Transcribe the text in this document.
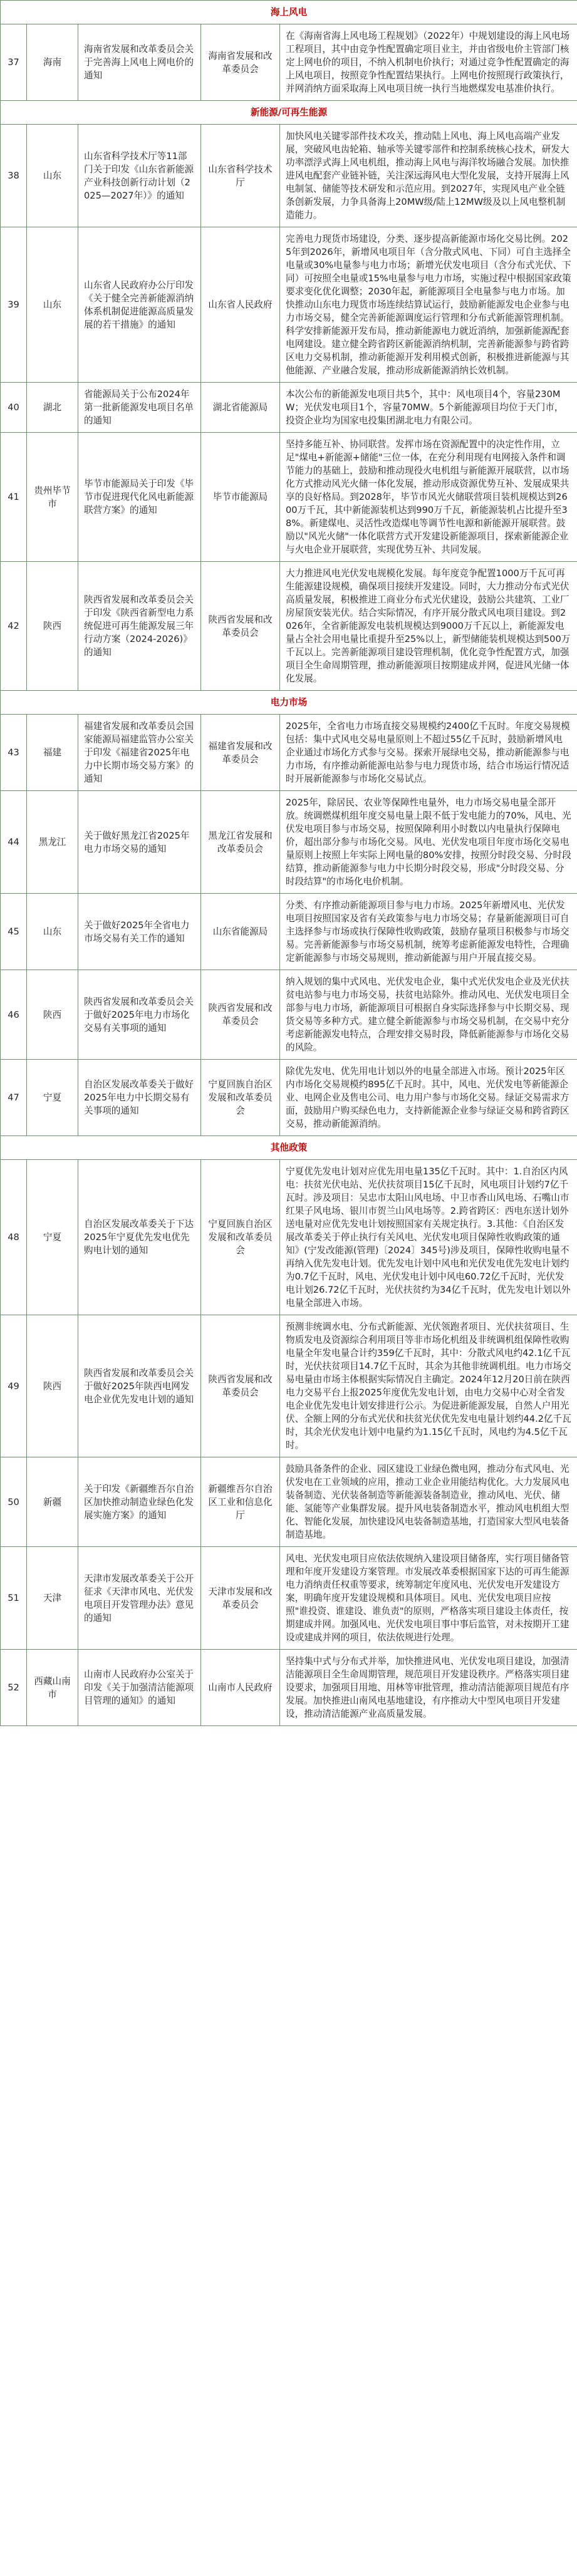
海上风电				
37	海南	海南省发展和改革委员会关于完善海上风电上网电价的通知	海南省发展和改革委员会	在《海南省海上风电场工程规划》（2022年）中规划建设的海上风电场工程项目，其中由竞争性配置确定项目业主，并由省级电价主管部门核定上网电价的项目，不纳入机制电价执行；对通过竞争性配置确定的海上风电项目，按照竞争性配置结果执行。上网电价按照现行政策执行，并网消纳方面采取海上风电项目统一执行当地燃煤发电基准价执行。
新能源/可再生能源				
38	山东	山东省科学技术厅等11部门关于印发《山东省新能源产业科技创新行动计划（2025—2027年）》的通知	山东省科学技术厅	加快风电关键零部件技术攻关，推动陆上风电、海上风电高端产业发展，突破风电齿轮箱、轴承等关键零部件和控制系统核心技术，研发大功率漂浮式海上风电机组，推动海上风电与海洋牧场融合发展。加快推进风电配套产业链补链，关注深远海风电大型化发展，支持开展海上风电制氢、储能等技术研发和示范应用。到2027年，实现风电产业全链条创新发展，力争具备海上20MW级/陆上12MW级及以上风电整机制造能力。
39	山东	山东省人民政府办公厅印发《关于健全完善新能源消纳体系机制促进能源高质量发展的若干措施》的通知	山东省人民政府	完善电力现货市场建设，分类、逐步提高新能源市场化交易比例。2025年到2026年，新增风电项目年（含分散式风电、下同）可自主选择全电量或30%电量参与电力市场；新增光伏发电项目（含分布式光伏、下同）可按照全电量或15%电量参与电力市场，实施过程中根据国家政策要求变化优化调整；2030年起，新能源项目全电量参与电力市场。加快推动山东电力现货市场连续结算试运行，鼓励新能源发电企业参与电力市场交易，健全完善新能源调度运行管理和分布式新能源管理机制。科学安排新能源开发布局，推动新能源电力就近消纳，加强新能源配套电网建设。建立健全跨省跨区新能源消纳机制，完善新能源参与跨省跨区电力交易机制，推动新能源开发利用模式创新，积极推进新能源与其他能源、产业融合发展，推动形成新能源消纳长效机制。
40	湖北	省能源局关于公布2024年第一批新能源发电项目名单的通知	湖北省能源局	本次公布的新能源发电项目共5个，其中：风电项目4个，容量230MW；光伏发电项目1个，容量70MW。5个新能源项目均位于天门市，投资企业均为国家电投集团湖北电力有限公司。
41	贵州毕节市	毕节市能源局关于印发《毕节市促进现代化风电新能源联营方案》的通知	毕节市能源局	坚持多能互补、协同联营。发挥市场在资源配置中的决定性作用，立足"煤电+新能源+储能"三位一体，在充分利用现有电网接入条件和调节能力的基础上，鼓励和推动现役火电机组与新能源开展联营，以市场化方式推动风光火储一体化发展，推动形成资源优势互补、发展成果共享的良好格局。到2028年，毕节市风光火储联营项目装机规模达到2600万千瓦，其中新能源装机达到990万千瓦，新能源装机占比提升至38%。新建煤电、灵活性改造煤电等调节性电源和新能源开展联营。鼓励以"风光火储"一体化联营方式开发建设新能源项目，探索新能源企业与火电企业开展联营，实现优势互补、共同发展。
42	陕西	陕西省发展和改革委员会关于印发《陕西省新型电力系统促进可再生能源发展三年行动方案（2024-2026)》的通知	陕西省发展和改革委员会	大力推进风电光伏发电规模化发展。每年度竞争配置1000万千瓦可再生能源建设规模，确保项目接续开发建设。同时，大力推动分布式光伏高质量发展，积极推进工商业分布式光伏建设，鼓励公共建筑、工业厂房屋顶安装光伏。结合实际情况，有序开展分散式风电项目建设。到2026年，全省新能源发电装机规模达到9000万千瓦以上，新能源发电量占全社会用电量比重提升至25%以上，新型储能装机规模达到500万千瓦以上。完善新能源项目建设管理机制，优化竞争性配置方式，加强项目全生命周期管理，推动新能源项目按期建成并网，促进风光储一体化发展。
电力市场				
43	福建	福建省发展和改革委员会国家能源局福建监管办公室关于印发《福建省2025年电力中长期市场交易方案》的通知	福建省发展和改革委员会	2025年，全省电力市场直接交易规模约2400亿千瓦时。年度交易规模包括：集中式风电交易电量原则上不超过55亿千瓦时，鼓励新增风电企业通过市场化方式参与交易。探索开展绿电交易，推动新能源参与电力市场，有序推动新能源电站参与电力现货市场，结合市场运行情况适时开展新能源参与市场化交易试点。
44	黑龙江	关于做好黑龙江省2025年电力市场交易的通知	黑龙江省发展和改革委员会	2025年，除居民、农业等保障性电量外，电力市场交易电量全部开放。统调燃煤机组年度交易电量上限不低于发电能力的70%，风电、光伏发电项目参与市场交易，按照保障利用小时数以内电量执行保障电价，超出部分参与市场化交易。风电、光伏发电项目年度市场化交易电量原则上按照上年实际上网电量的80%安排，按照分时段交易、分时段结算，推动新能源参与电力中长期分时段交易，形成"分时段交易、分时段结算"的市场化电价机制。
45	山东	关于做好2025年全省电力市场交易有关工作的通知	山东省能源局	分类、有序推动新能源项目参与电力市场。2025年新增风电、光伏发电项目按照国家及省有关政策参与电力市场交易；存量新能源项目可自主选择参与市场或执行保障性收购政策，鼓励存量项目积极参与市场交易。完善新能源参与市场交易机制，统筹考虑新能源发电特性，合理确定新能源参与市场交易规则，推动新能源与用户开展直接交易。
46	陕西	陕西省发展和改革委员会关于做好2025年电力市场化交易有关事项的通知	陕西省发展和改革委员会	纳入规划的集中式风电、光伏发电企业，集中式光伏发电企业及光伏扶贫电站参与电力市场交易，扶贫电站除外。推动风电、光伏发电项目全部参与电力市场，新能源项目可根据自身实际选择参与中长期交易、现货交易等多种方式。建立健全新能源参与市场交易机制，在交易中充分考虑新能源发电特点，合理安排交易时段，降低新能源参与市场化交易的风险。
47	宁夏	自治区发展改革委关于做好2025年电力中长期交易有关事项的通知	宁夏回族自治区发展和改革委员会	除优先发电、优先用电计划以外的电量全部进入市场。预计2025年区内市场化交易规模约895亿千瓦时。其中，风电、光伏发电等新能源企业、电网企业及售电公司、电力用户参与市场化交易。绿证交易需求方面，鼓励用户购买绿色电力，支持新能源企业参与绿证交易和跨省跨区交易，推动新能源消纳。
其他政策				
48	宁夏	自治区发展改革委关于下达2025年宁夏优先发电优先购电计划的通知	宁夏回族自治区发展和改革委员会	宁夏优先发电计划对应优先用电量135亿千瓦时。其中：1.自治区内风电：扶贫光伏电站、光伏扶贫项目15亿千瓦时，风电项目计划约7亿千瓦时。涉及项目：吴忠市太阳山风电场、中卫市香山风电场、石嘴山市红果子风电场、银川市贺兰山风电场等。2.跨省跨区：西电东送计划外送电量对应优先发电计划按照国家有关规定执行。3.其他：《自治区发展改革委关于停止执行有关风电、光伏发电项目保障性收购政策的通知》(宁发改能源(管理)〔2024〕345号)涉及项目，保障性收购电量不再纳入优先发电计划。优先发电计划中风电和光伏发电优先发电计划约为0.7亿千瓦时，风电、光伏发电计划中风电60.72亿千瓦时，光伏发电计划26.72亿千瓦时，光伏扶贫约为34亿千瓦时，优先发电计划以外电量全部进入市场。
49	陕西	陕西省发展和改革委员会关于做好2025年陕西电网发电企业优先发电计划的通知	陕西省发展和改革委员会	预测非统调水电、分布式新能源、光伏领跑者项目、光伏扶贫项目、生物质发电及资源综合利用项目等非市场化机组及非统调机组保障性收购电量全年发电量合计约359亿千瓦时，其中：分散式风电约42.1亿千瓦时，光伏扶贫项目14.7亿千瓦时，其余为其他非统调机组。电力市场交易电量由市场主体根据实际情况自主确定。2024年12月20日前在陕西电力交易平台上报2025年度优先发电计划，由电力交易中心对全省发电企业优先发电计划安排进行公示。为促进新能源发展，自然人户用光伏、全额上网的分布式光伏和扶贫光伏优先发电电量计划约44.2亿千瓦时，其余光伏发电计划中电量约为1.15亿千瓦时，风电约为4.5亿千瓦时。
50	新疆	关于印发《新疆维吾尔自治区加快推动制造业绿色化发展实施方案》的通知	新疆维吾尔自治区工业和信息化厅	鼓励具备条件的企业、园区建设工业绿色微电网，推动分布式风电、光伏发电在工业领域的应用，推动工业企业用能结构优化。大力发展风电装备制造、光伏装备制造等新能源装备制造业，推动风电、光伏、储能、氢能等产业集群发展。提升风电装备制造水平，推动风电机组大型化、智能化发展，加快建设风电装备制造基地，打造国家大型风电装备制造基地。
51	天津	天津市发展改革委关于公开征求《天津市风电、光伏发电项目开发管理办法》意见的通知	天津市发展和改革委员会	风电、光伏发电项目应依法依规纳入建设项目储备库，实行项目储备管理和年度开发建设方案管理。市发展改革委根据国家下达的可再生能源电力消纳责任权重等要求，统筹制定年度风电、光伏发电开发建设方案，明确年度开发建设规模和具体项目。风电、光伏发电项目应按照"谁投资、谁建设、谁负责"的原则，严格落实项目建设主体责任，按期建成并网。加强风电、光伏发电项目事中事后监管，对未按期开工建设或建成并网的项目，依法依规进行处理。
52	西藏山南市	山南市人民政府办公室关于印发《关于加强清洁能源项目管理的通知》的通知	山南市人民政府	坚持集中式与分布式并举，加快推进风电、光伏发电项目建设，加强清洁能源项目全生命周期管理，规范项目开发建设秩序。严格落实项目建设要求，加强项目用地、用林等审批管理，推动清洁能源项目规范有序发展。加快推进山南风电基地建设，有序推动大中型风电项目开发建设，推动清洁能源产业高质量发展。
